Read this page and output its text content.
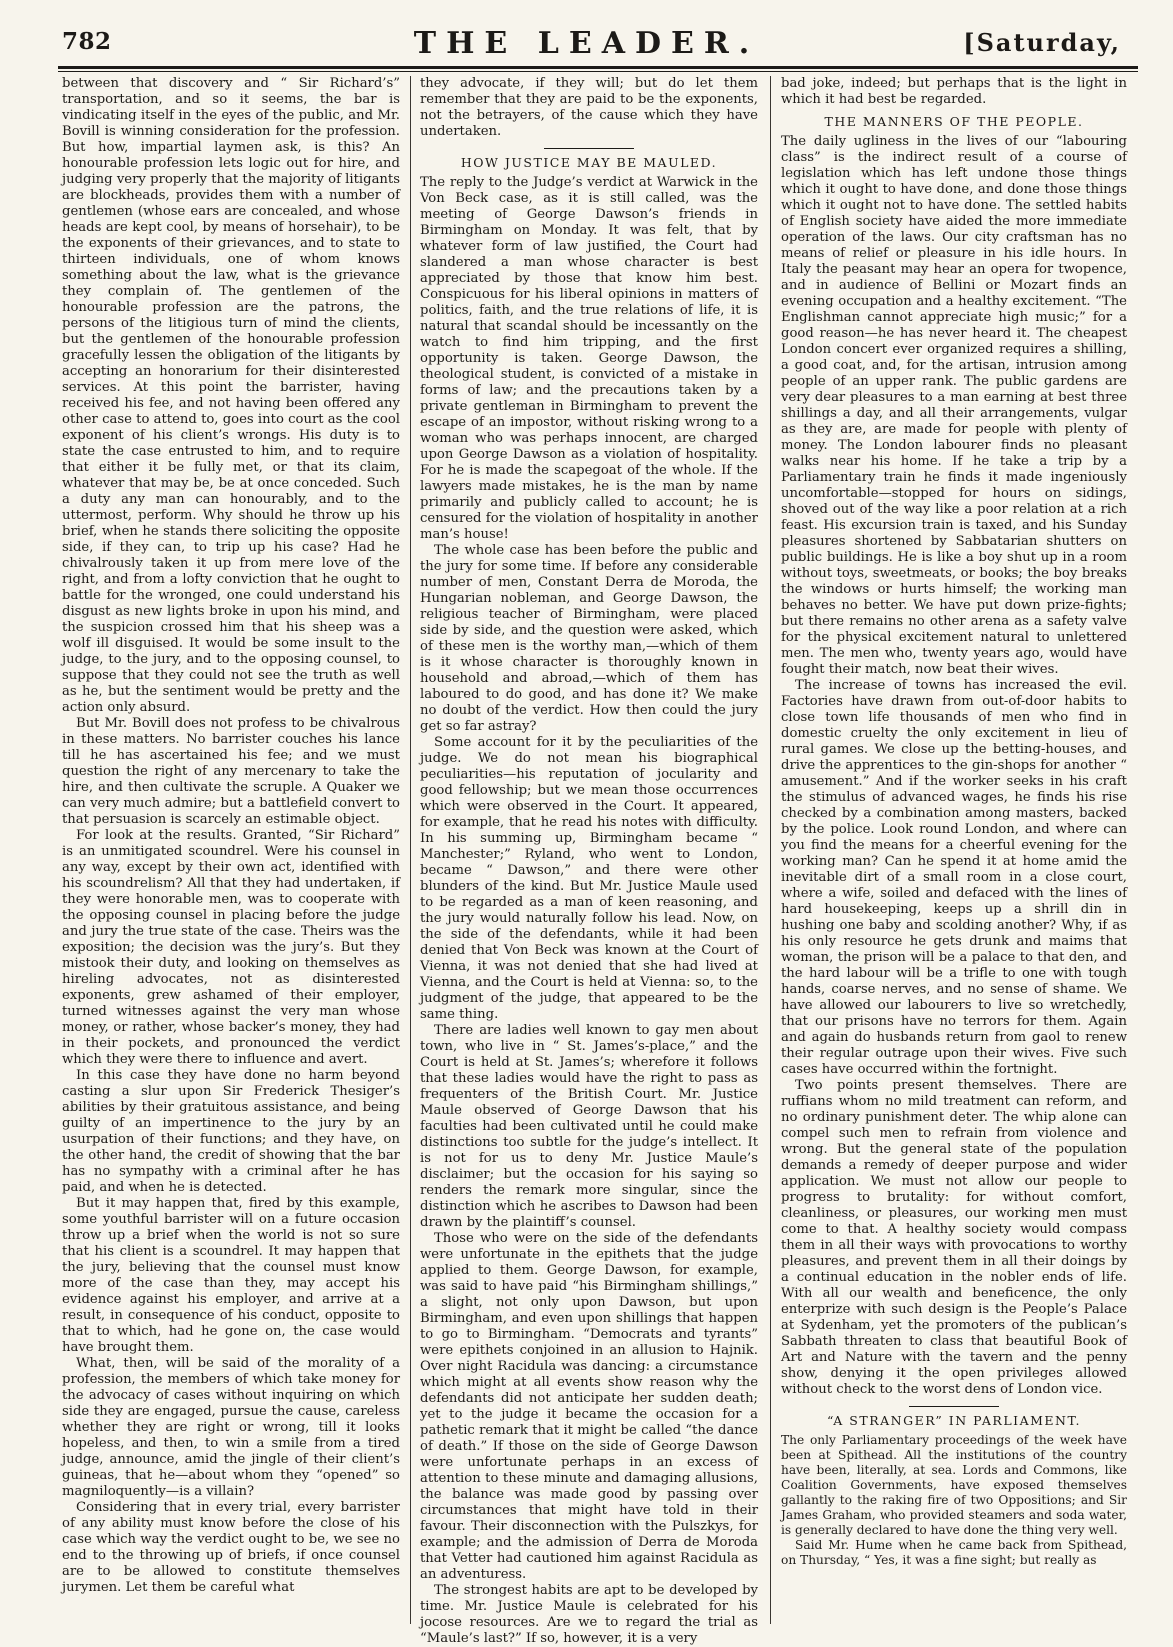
782	THE LEADER.	[Saturday,

between that discovery and “ Sir Richard’s” transportation, and so it seems, the bar is vindicating itself in the eyes of the public, and Mr. Bovill is winning consideration for the profession. But how, impartial laymen ask, is this? An honourable profession lets logic out for hire, and judging very properly that the majority of litigants are blockheads, provides them with a number of gentlemen (whose ears are concealed, and whose heads are kept cool, by means of horsehair), to be the exponents of their grievances, and to state to thirteen individuals, one of whom knows something about the law, what is the grievance they complain of. The gentlemen of the honourable profession are the patrons, the persons of the litigious turn of mind the clients, but the gentlemen of the honourable profession gracefully lessen the obligation of the litigants by accepting an honorarium for their disinterested services. At this point the barrister, having received his fee, and not having been offered any other case to attend to, goes into court as the cool exponent of his client’s wrongs. His duty is to state the case entrusted to him, and to require that either it be fully met, or that its claim, whatever that may be, be at once conceded. Such a duty any man can honourably, and to the uttermost, perform. Why should he throw up his brief, when he stands there soliciting the opposite side, if they can, to trip up his case? Had he chivalrously taken it up from mere love of the right, and from a lofty conviction that he ought to battle for the wronged, one could understand his disgust as new lights broke in upon his mind, and the suspicion crossed him that his sheep was a wolf ill disguised. It would be some insult to the judge, to the jury, and to the opposing counsel, to suppose that they could not see the truth as well as he, but the sentiment would be pretty and the action only absurd.

But Mr. Bovill does not profess to be chivalrous in these matters. No barrister couches his lance till he has ascertained his fee; and we must question the right of any mercenary to take the hire, and then cultivate the scruple. A Quaker we can very much admire; but a battlefield convert to that persuasion is scarcely an estimable object.

For look at the results. Granted, “Sir Richard” is an unmitigated scoundrel. Were his counsel in any way, except by their own act, identified with his scoundrelism? All that they had undertaken, if they were honorable men, was to cooperate with the opposing counsel in placing before the judge and jury the true state of the case. Theirs was the exposition; the decision was the jury’s. But they mistook their duty, and looking on themselves as hireling advocates, not as disinterested exponents, grew ashamed of their employer, turned witnesses against the very man whose money, or rather, whose backer’s money, they had in their pockets, and pronounced the verdict which they were there to influence and avert.

In this case they have done no harm beyond casting a slur upon Sir Frederick Thesiger’s abilities by their gratuitous assistance, and being guilty of an impertinence to the jury by an usurpation of their functions; and they have, on the other hand, the credit of showing that the bar has no sympathy with a criminal after he has paid, and when he is detected.

But it may happen that, fired by this example, some youthful barrister will on a future occasion throw up a brief when the world is not so sure that his client is a scoundrel. It may happen that the jury, believing that the counsel must know more of the case than they, may accept his evidence against his employer, and arrive at a result, in consequence of his conduct, opposite to that to which, had he gone on, the case would have brought them.

What, then, will be said of the morality of a profession, the members of which take money for the advocacy of cases without inquiring on which side they are engaged, pursue the cause, careless whether they are right or wrong, till it looks hopeless, and then, to win a smile from a tired judge, announce, amid the jingle of their client’s guineas, that he—about whom they “opened” so magniloquently—is a villain?

Considering that in every trial, every barrister of any ability must know before the close of his case which way the verdict ought to be, we see no end to the throwing up of briefs, if once counsel are to be allowed to constitute themselves jurymen. Let them be careful what

they advocate, if they will; but do let them remember that they are paid to be the exponents, not the betrayers, of the cause which they have undertaken.

HOW JUSTICE MAY BE MAULED.

The reply to the Judge’s verdict at Warwick in the Von Beck case, as it is still called, was the meeting of George Dawson’s friends in Birmingham on Monday. It was felt, that by whatever form of law justified, the Court had slandered a man whose character is best appreciated by those that know him best. Conspicuous for his liberal opinions in matters of politics, faith, and the true relations of life, it is natural that scandal should be incessantly on the watch to find him tripping, and the first opportunity is taken. George Dawson, the theological student, is convicted of a mistake in forms of law; and the precautions taken by a private gentleman in Birmingham to prevent the escape of an impostor, without risking wrong to a woman who was perhaps innocent, are charged upon George Dawson as a violation of hospitality. For he is made the scapegoat of the whole. If the lawyers made mistakes, he is the man by name primarily and publicly called to account; he is censured for the violation of hospitality in another man’s house!

The whole case has been before the public and the jury for some time. If before any considerable number of men, Constant Derra de Moroda, the Hungarian nobleman, and George Dawson, the religious teacher of Birmingham, were placed side by side, and the question were asked, which of these men is the worthy man,—which of them is it whose character is thoroughly known in household and abroad,—which of them has laboured to do good, and has done it? We make no doubt of the verdict. How then could the jury get so far astray?

Some account for it by the peculiarities of the judge. We do not mean his biographical peculiarities—his reputation of jocularity and good fellowship; but we mean those occurrences which were observed in the Court. It appeared, for example, that he read his notes with difficulty. In his summing up, Birmingham became “ Manchester;” Ryland, who went to London, became “ Dawson,” and there were other blunders of the kind. But Mr. Justice Maule used to be regarded as a man of keen reasoning, and the jury would naturally follow his lead. Now, on the side of the defendants, while it had been denied that Von Beck was known at the Court of Vienna, it was not denied that she had lived at Vienna, and the Court is held at Vienna: so, to the judgment of the judge, that appeared to be the same thing.

There are ladies well known to gay men about town, who live in “ St. James’s-place,” and the Court is held at St. James’s; wherefore it follows that these ladies would have the right to pass as frequenters of the British Court. Mr. Justice Maule observed of George Dawson that his faculties had been cultivated until he could make distinctions too subtle for the judge’s intellect. It is not for us to deny Mr. Justice Maule’s disclaimer; but the occasion for his saying so renders the remark more singular, since the distinction which he ascribes to Dawson had been drawn by the plaintiff’s counsel.

Those who were on the side of the defendants were unfortunate in the epithets that the judge applied to them. George Dawson, for example, was said to have paid “his Birmingham shillings,” a slight, not only upon Dawson, but upon Birmingham, and even upon shillings that happen to go to Birmingham. “Democrats and tyrants” were epithets conjoined in an allusion to Hajnik. Over night Racidula was dancing: a circumstance which might at all events show reason why the defendants did not anticipate her sudden death; yet to the judge it became the occasion for a pathetic remark that it might be called “the dance of death.” If those on the side of George Dawson were unfortunate perhaps in an excess of attention to these minute and damaging allusions, the balance was made good by passing over circumstances that might have told in their favour. Their disconnection with the Pulszkys, for example; and the admission of Derra de Moroda that Vetter had cautioned him against Racidula as an adventuress.

The strongest habits are apt to be developed by time. Mr. Justice Maule is celebrated for his jocose resources. Are we to regard the trial as “Maule’s last?” If so, however, it is a very

bad joke, indeed; but perhaps that is the light in which it had best be regarded.

THE MANNERS OF THE PEOPLE.

The daily ugliness in the lives of our “labouring class” is the indirect result of a course of legislation which has left undone those things which it ought to have done, and done those things which it ought not to have done. The settled habits of English society have aided the more immediate operation of the laws. Our city craftsman has no means of relief or pleasure in his idle hours. In Italy the peasant may hear an opera for twopence, and in audience of Bellini or Mozart finds an evening occupation and a healthy excitement. “The Englishman cannot appreciate high music;” for a good reason—he has never heard it. The cheapest London concert ever organized requires a shilling, a good coat, and, for the artisan, intrusion among people of an upper rank. The public gardens are very dear pleasures to a man earning at best three shillings a day, and all their arrangements, vulgar as they are, are made for people with plenty of money. The London labourer finds no pleasant walks near his home. If he take a trip by a Parliamentary train he finds it made ingeniously uncomfortable—stopped for hours on sidings, shoved out of the way like a poor relation at a rich feast. His excursion train is taxed, and his Sunday pleasures shortened by Sabbatarian shutters on public buildings. He is like a boy shut up in a room without toys, sweetmeats, or books; the boy breaks the windows or hurts himself; the working man behaves no better. We have put down prize-fights; but there remains no other arena as a safety valve for the physical excitement natural to unlettered men. The men who, twenty years ago, would have fought their match, now beat their wives.

The increase of towns has increased the evil. Factories have drawn from out-of-door habits to close town life thousands of men who find in domestic cruelty the only excitement in lieu of rural games. We close up the betting-houses, and drive the apprentices to the gin-shops for another “ amusement.” And if the worker seeks in his craft the stimulus of advanced wages, he finds his rise checked by a combination among masters, backed by the police. Look round London, and where can you find the means for a cheerful evening for the working man? Can he spend it at home amid the inevitable dirt of a small room in a close court, where a wife, soiled and defaced with the lines of hard housekeeping, keeps up a shrill din in hushing one baby and scolding another? Why, if as his only resource he gets drunk and maims that woman, the prison will be a palace to that den, and the hard labour will be a trifle to one with tough hands, coarse nerves, and no sense of shame. We have allowed our labourers to live so wretchedly, that our prisons have no terrors for them. Again and again do husbands return from gaol to renew their regular outrage upon their wives. Five such cases have occurred within the fortnight.

Two points present themselves. There are ruffians whom no mild treatment can reform, and no ordinary punishment deter. The whip alone can compel such men to refrain from violence and wrong. But the general state of the population demands a remedy of deeper purpose and wider application. We must not allow our people to progress to brutality: for without comfort, cleanliness, or pleasures, our working men must come to that. A healthy society would compass them in all their ways with provocations to worthy pleasures, and prevent them in all their doings by a continual education in the nobler ends of life. With all our wealth and beneficence, the only enterprize with such design is the People’s Palace at Sydenham, yet the promoters of the publican’s Sabbath threaten to class that beautiful Book of Art and Nature with the tavern and the penny show, denying it the open privileges allowed without check to the worst dens of London vice.

“A STRANGER” IN PARLIAMENT.

The only Parliamentary proceedings of the week have been at Spithead. All the institutions of the country have been, literally, at sea. Lords and Commons, like Coalition Governments, have exposed themselves gallantly to the raking fire of two Oppositions; and Sir James Graham, who provided steamers and soda water, is generally declared to have done the thing very well.

Said Mr. Hume when he came back from Spithead, on Thursday, “ Yes, it was a fine sight; but really as
